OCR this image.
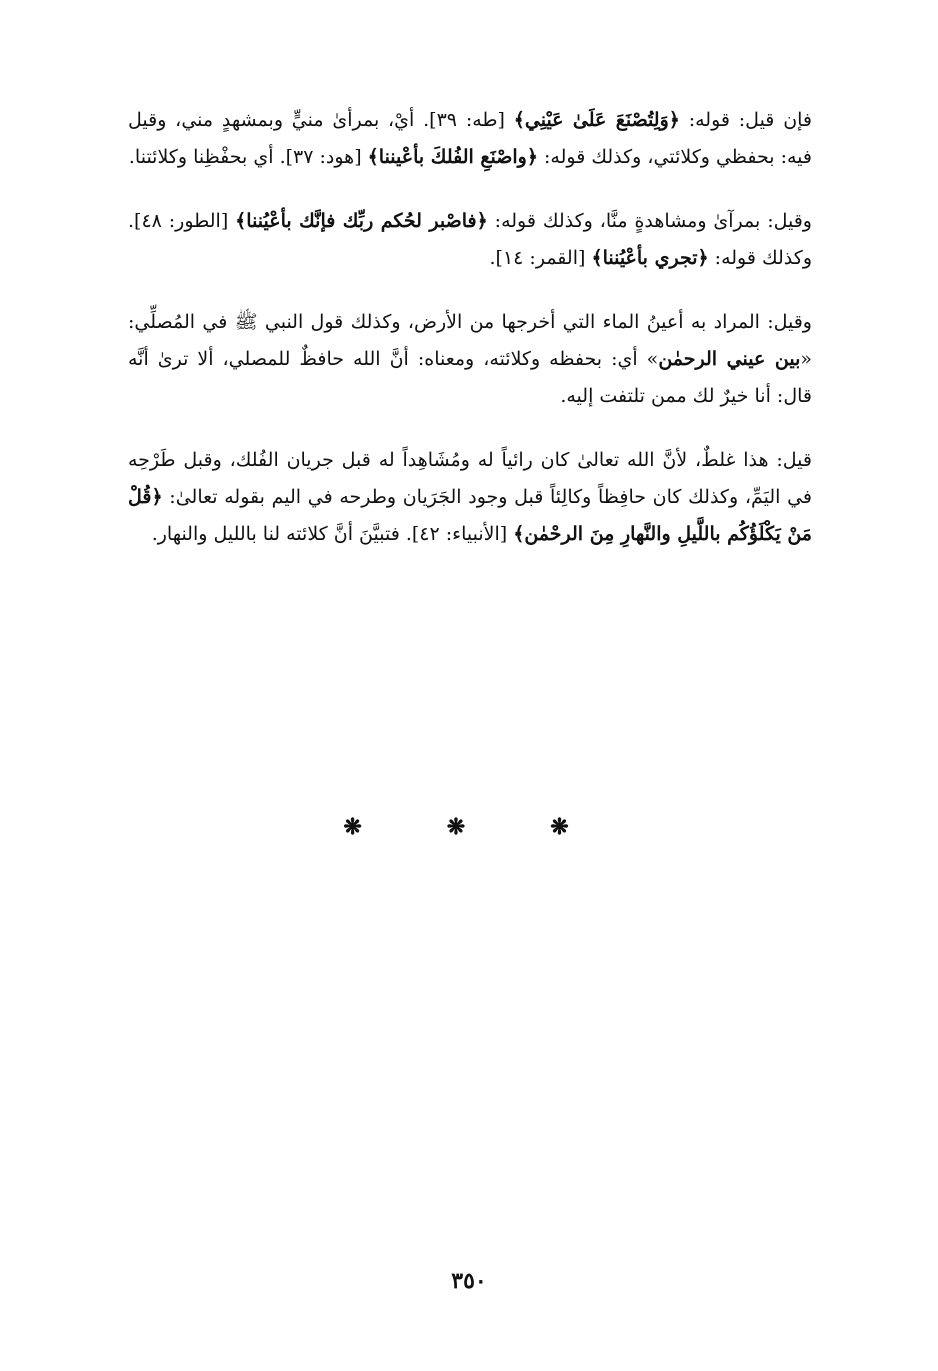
فإن قيل: قوله: ﴿وَلِتُصْنَعَ عَلَىٰ عَيْنِي﴾ [طه: ٣٩]. أيْ، بمرأىٰ منيٍّ وبمشهدٍ مني، وقيل فيه: بحفظي وكلائتي، وكذلك قوله: ﴿واصْنَعِ الفُلكَ بأعْيننا﴾ [هود: ٣٧]. أي بحفْظِنا وكلائتنا.

وقيل: بمرآىٰ ومشاهدةٍ منَّا، وكذلك قوله: ﴿فاصْبر لحُكم ربِّك فإنَّك بأعْيُننا﴾ [الطور: ٤٨]. وكذلك قوله: ﴿تجري بأعْيُننا﴾ [القمر: ١٤].

وقيل: المراد به أعينُ الماء التي أخرجها من الأرض، وكذلك قول النبي ﷺ في المُصلِّي: «بين عيني الرحمٰن» أي: بحفظه وكلائته، ومعناه: أنَّ الله حافظٌ للمصلي، ألا ترىٰ أنَّه قال: أنا خيرٌ لك ممن تلتفت إليه.

قيل: هذا غلطٌ، لأنَّ الله تعالىٰ كان رائياً له ومُشَاهِداً له قبل جريان الفُلك، وقبل طَرْحِه في اليَمِّ، وكذلك كان حافِظاً وكالِئاً قبل وجود الجَرَيان وطرحه في اليم بقوله تعالىٰ: ﴿قُلْ مَنْ يَكْلَؤُكُم باللَّيلِ والنَّهارِ مِنَ الرحْمٰن﴾ [الأنبياء: ٤٢]. فتبيَّنَ أنَّ كلائته لنا بالليل والنهار.

❋	❋	❋
٣٥٠
